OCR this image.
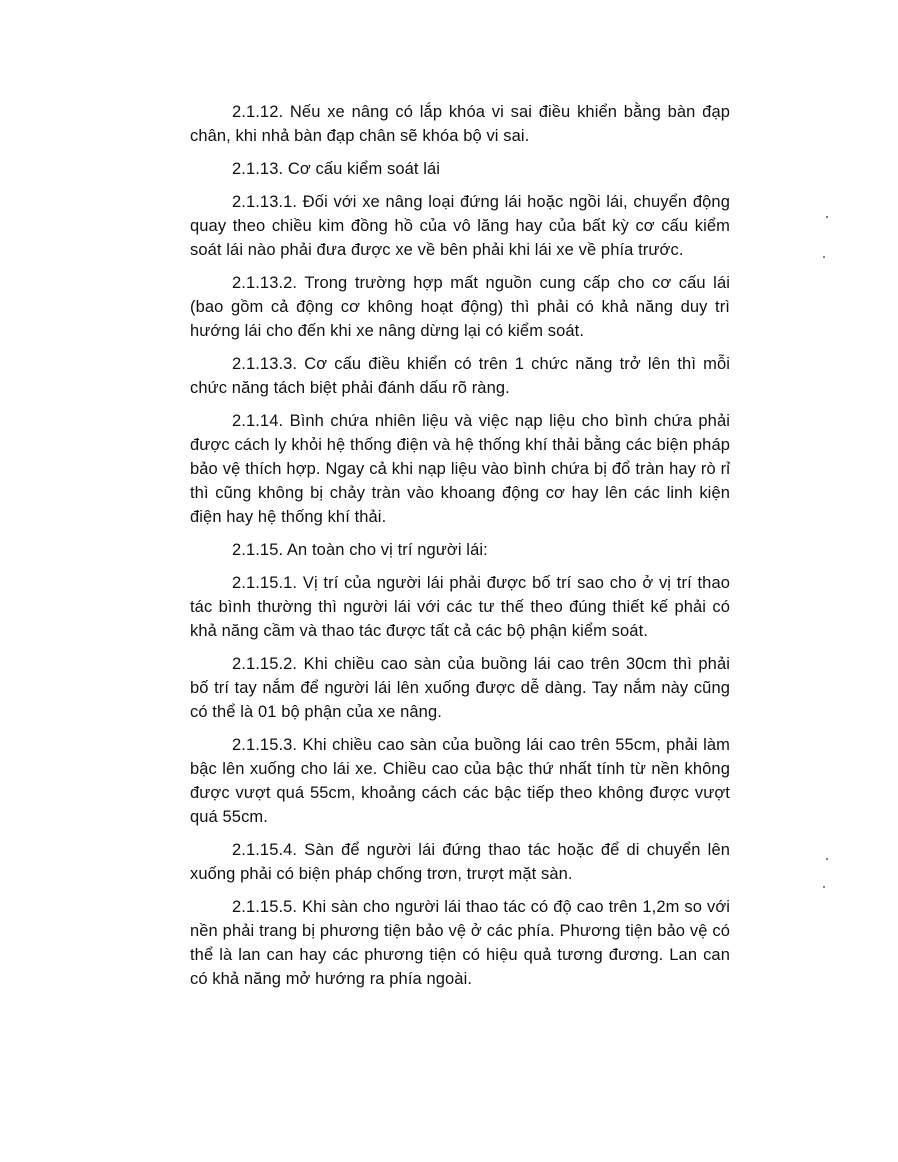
2.1.12. Nếu xe nâng có lắp khóa vi sai điều khiển bằng bàn đạp chân, khi nhả bàn đạp chân sẽ khóa bộ vi sai.

2.1.13. Cơ cấu kiểm soát lái

2.1.13.1. Đối với xe nâng loại đứng lái hoặc ngồi lái, chuyển động quay theo chiều kim đồng hồ của vô lăng hay của bất kỳ cơ cấu kiểm soát lái nào phải đưa được xe về bên phải khi lái xe về phía trước.

2.1.13.2. Trong trường hợp mất nguồn cung cấp cho cơ cấu lái (bao gồm cả động cơ không hoạt động) thì phải có khả năng duy trì hướng lái cho đến khi xe nâng dừng lại có kiểm soát.

2.1.13.3. Cơ cấu điều khiển có trên 1 chức năng trở lên thì mỗi chức năng tách biệt phải đánh dấu rõ ràng.

2.1.14. Bình chứa nhiên liệu và việc nạp liệu cho bình chứa phải được cách ly khỏi hệ thống điện và hệ thống khí thải bằng các biện pháp bảo vệ thích hợp. Ngay cả khi nạp liệu vào bình chứa bị đổ tràn hay rò rỉ thì cũng không bị chảy tràn vào khoang động cơ hay lên các linh kiện điện hay hệ thống khí thải.

2.1.15. An toàn cho vị trí người lái:

2.1.15.1. Vị trí của người lái phải được bố trí sao cho ở vị trí thao tác bình thường thì người lái với các tư thế theo đúng thiết kế phải có khả năng cầm và thao tác được tất cả các bộ phận kiểm soát.

2.1.15.2. Khi chiều cao sàn của buồng lái cao trên 30cm thì phải bố trí tay nắm để người lái lên xuống được dễ dàng. Tay nắm này cũng có thể là 01 bộ phận của xe nâng.

2.1.15.3. Khi chiều cao sàn của buồng lái cao trên 55cm, phải làm bậc lên xuống cho lái xe. Chiều cao của bậc thứ nhất tính từ nền không được vượt quá 55cm, khoảng cách các bậc tiếp theo không được vượt quá 55cm.

2.1.15.4. Sàn để người lái đứng thao tác hoặc để di chuyển lên xuống phải có biện pháp chống trơn, trượt mặt sàn.

2.1.15.5. Khi sàn cho người lái thao tác có độ cao trên 1,2m so với nền phải trang bị phương tiện bảo vệ ở các phía. Phương tiện bảo vệ có thể là lan can hay các phương tiện có hiệu quả tương đương. Lan can có khả năng mở hướng ra phía ngoài.
